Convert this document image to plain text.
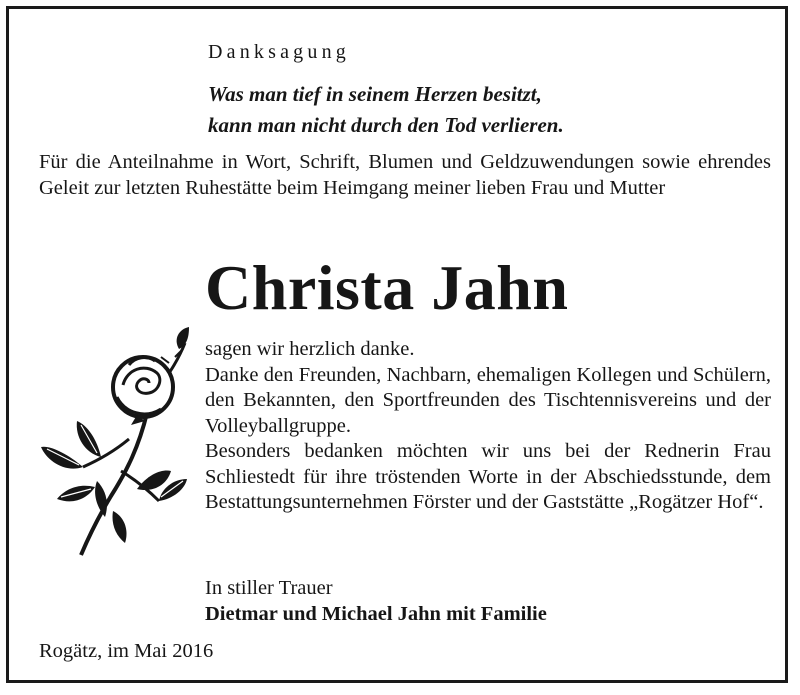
Danksagung
Was man tief in seinem Herzen besitzt,
kann man nicht durch den Tod verlieren.

Für die Anteilnahme in Wort, Schrift, Blumen und Geldzuwendungen sowie ehrendes Geleit zur letzten Ruhestätte beim Heimgang meiner lieben Frau und Mutter

Christa Jahn

sagen wir herzlich danke.

Danke den Freunden, Nachbarn, ehemaligen Kollegen und Schülern, den Bekannten, den Sportfreunden des Tischtennisvereins und der Volleyballgruppe.

Besonders bedanken möchten wir uns bei der Rednerin Frau Schliestedt für ihre tröstenden Worte in der Abschiedsstunde, dem Bestattungsunternehmen Förster und der Gaststätte „Rogätzer Hof“.

In stiller Trauer
Dietmar und Michael Jahn mit Familie
Rogätz, im Mai 2016
